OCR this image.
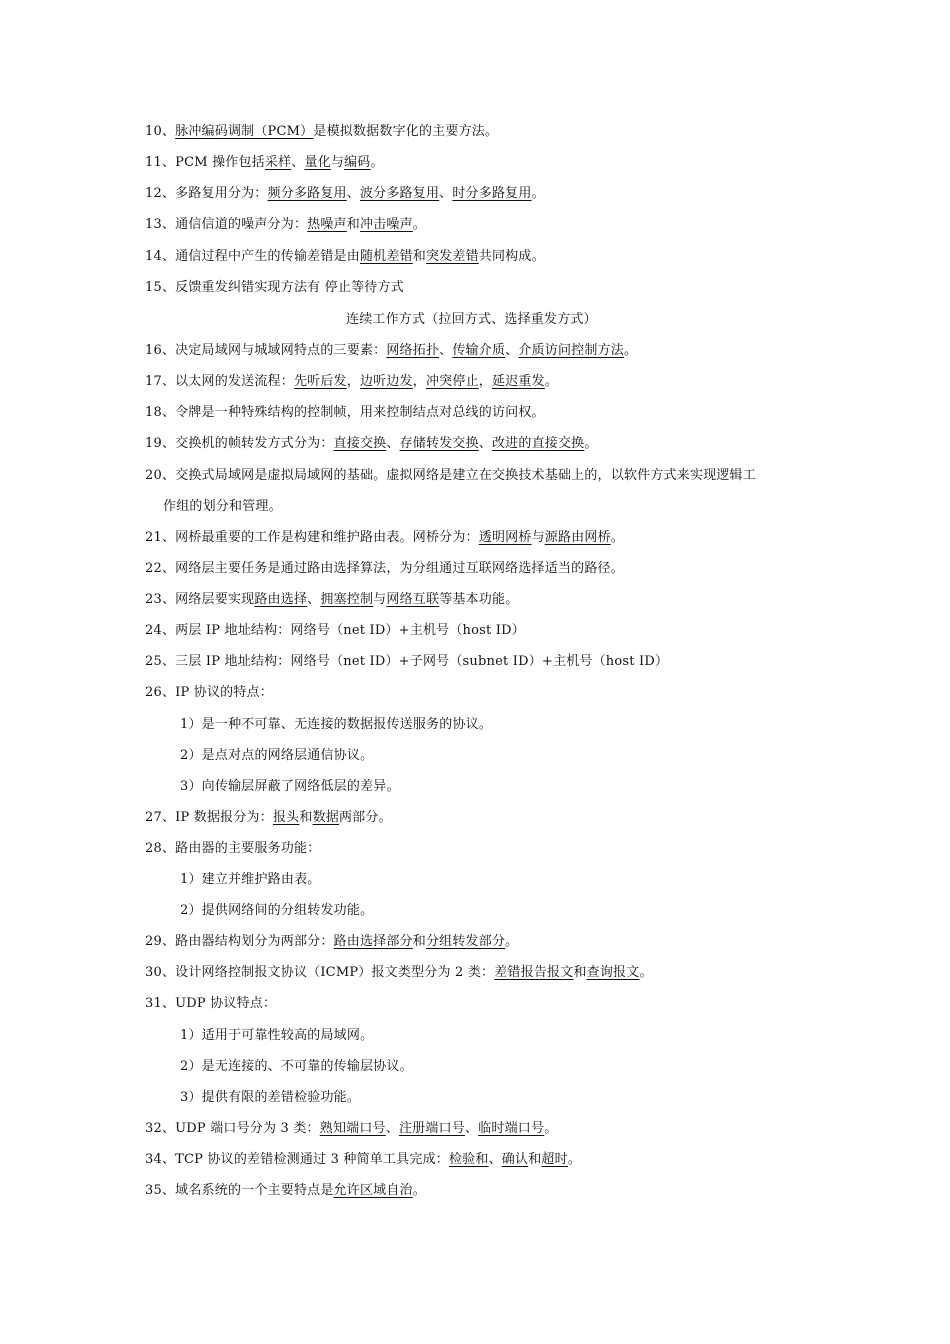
10、脉冲编码调制（PCM）是模拟数据数字化的主要方法。
11、PCM 操作包括采样、量化与编码。
12、多路复用分为：频分多路复用、波分多路复用、时分多路复用。
13、通信信道的噪声分为：热噪声和冲击噪声。
14、通信过程中产生的传输差错是由随机差错和突发差错共同构成。
15、反馈重发纠错实现方法有 停止等待方式
连续工作方式（拉回方式、选择重发方式）
16、决定局域网与城域网特点的三要素：网络拓扑、传输介质、介质访问控制方法。
17、以太网的发送流程：先听后发，边听边发，冲突停止，延迟重发。
18、令牌是一种特殊结构的控制帧，用来控制结点对总线的访问权。
19、交换机的帧转发方式分为：直接交换、存储转发交换、改进的直接交换。
20、交换式局域网是虚拟局域网的基础。虚拟网络是建立在交换技术基础上的，以软件方式来实现逻辑工
作组的划分和管理。
21、网桥最重要的工作是构建和维护路由表。网桥分为：透明网桥与源路由网桥。
22、网络层主要任务是通过路由选择算法，为分组通过互联网络选择适当的路径。
23、网络层要实现路由选择、拥塞控制与网络互联等基本功能。
24、两层 IP 地址结构：网络号（net ID）+主机号（host ID）
25、三层 IP 地址结构：网络号（net ID）+子网号（subnet ID）+主机号（host ID）
26、IP 协议的特点：
1）是一种不可靠、无连接的数据报传送服务的协议。
2）是点对点的网络层通信协议。
3）向传输层屏蔽了网络低层的差异。
27、IP 数据报分为：报头和数据两部分。
28、路由器的主要服务功能：
1）建立并维护路由表。
2）提供网络间的分组转发功能。
29、路由器结构划分为两部分：路由选择部分和分组转发部分。
30、设计网络控制报文协议（ICMP）报文类型分为 2 类：差错报告报文和查询报文。
31、UDP 协议特点：
1）适用于可靠性较高的局域网。
2）是无连接的、不可靠的传输层协议。
3）提供有限的差错检验功能。
32、UDP 端口号分为 3 类：熟知端口号、注册端口号、临时端口号。
34、TCP 协议的差错检测通过 3 种简单工具完成：检验和、确认和超时。
35、域名系统的一个主要特点是允许区域自治。
